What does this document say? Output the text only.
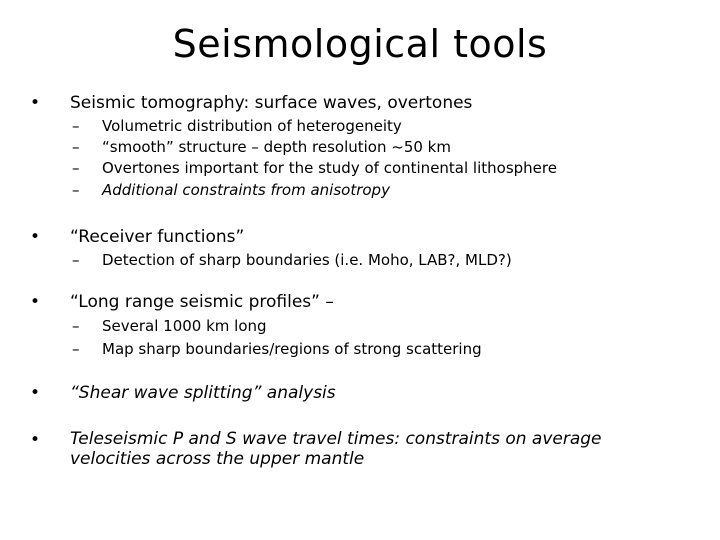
Seismological tools
• Seismic tomography: surface waves, overtones
– Volumetric distribution of heterogeneity
– “smooth” structure – depth resolution ~50 km
– Overtones important for the study of continental lithosphere
– Additional constraints from anisotropy
• “Receiver functions”
– Detection of sharp boundaries (i.e. Moho, LAB?, MLD?)
• “Long range seismic profiles” –
– Several 1000 km long
– Map sharp boundaries/regions of strong scattering
• “Shear wave splitting” analysis
• Teleseismic P and S wave travel times: constraints on average velocities across the upper mantle
